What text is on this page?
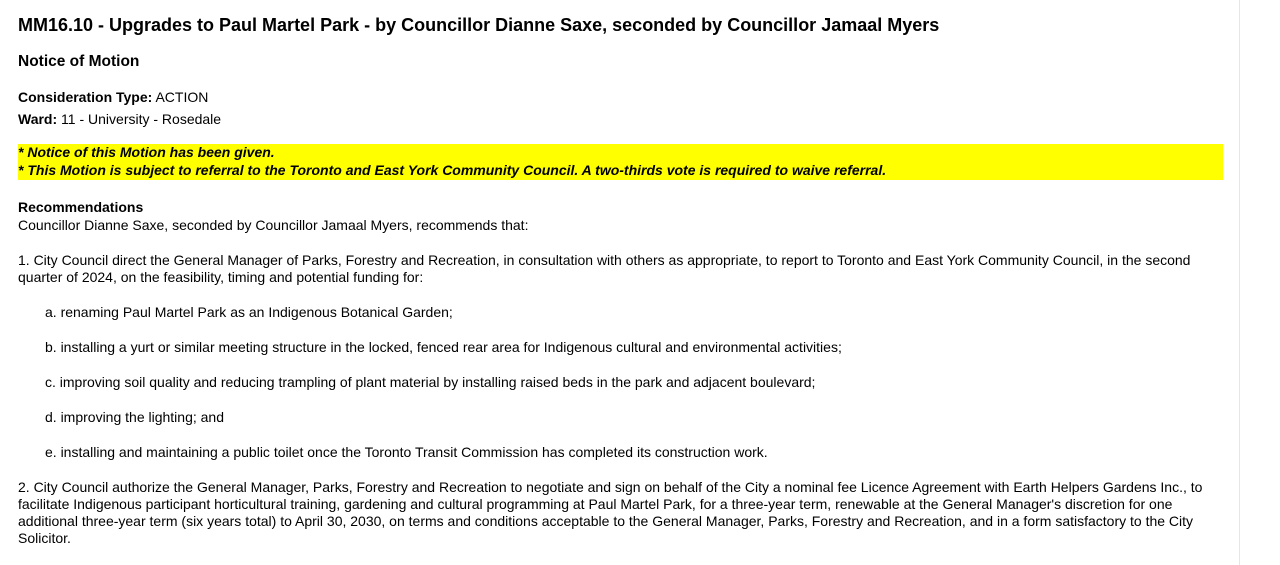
MM16.10 - Upgrades to Paul Martel Park - by Councillor Dianne Saxe, seconded by Councillor Jamaal Myers
Notice of Motion
Consideration Type: ACTION
Ward: 11 - University - Rosedale
* Notice of this Motion has been given.
* This Motion is subject to referral to the Toronto and East York Community Council. A two-thirds vote is required to waive referral.
Recommendations
Councillor Dianne Saxe, seconded by Councillor Jamaal Myers, recommends that:
1. City Council direct the General Manager of Parks, Forestry and Recreation, in consultation with others as appropriate, to report to Toronto and East York Community Council, in the second quarter of 2024, on the feasibility, timing and potential funding for:
a. renaming Paul Martel Park as an Indigenous Botanical Garden;
b. installing a yurt or similar meeting structure in the locked, fenced rear area for Indigenous cultural and environmental activities;
c. improving soil quality and reducing trampling of plant material by installing raised beds in the park and adjacent boulevard;
d. improving the lighting; and
e. installing and maintaining a public toilet once the Toronto Transit Commission has completed its construction work.
2. City Council authorize the General Manager, Parks, Forestry and Recreation to negotiate and sign on behalf of the City a nominal fee Licence Agreement with Earth Helpers Gardens Inc., to facilitate Indigenous participant horticultural training, gardening and cultural programming at Paul Martel Park, for a three-year term, renewable at the General Manager's discretion for one additional three-year term (six years total) to April 30, 2030, on terms and conditions acceptable to the General Manager, Parks, Forestry and Recreation, and in a form satisfactory to the City Solicitor.
